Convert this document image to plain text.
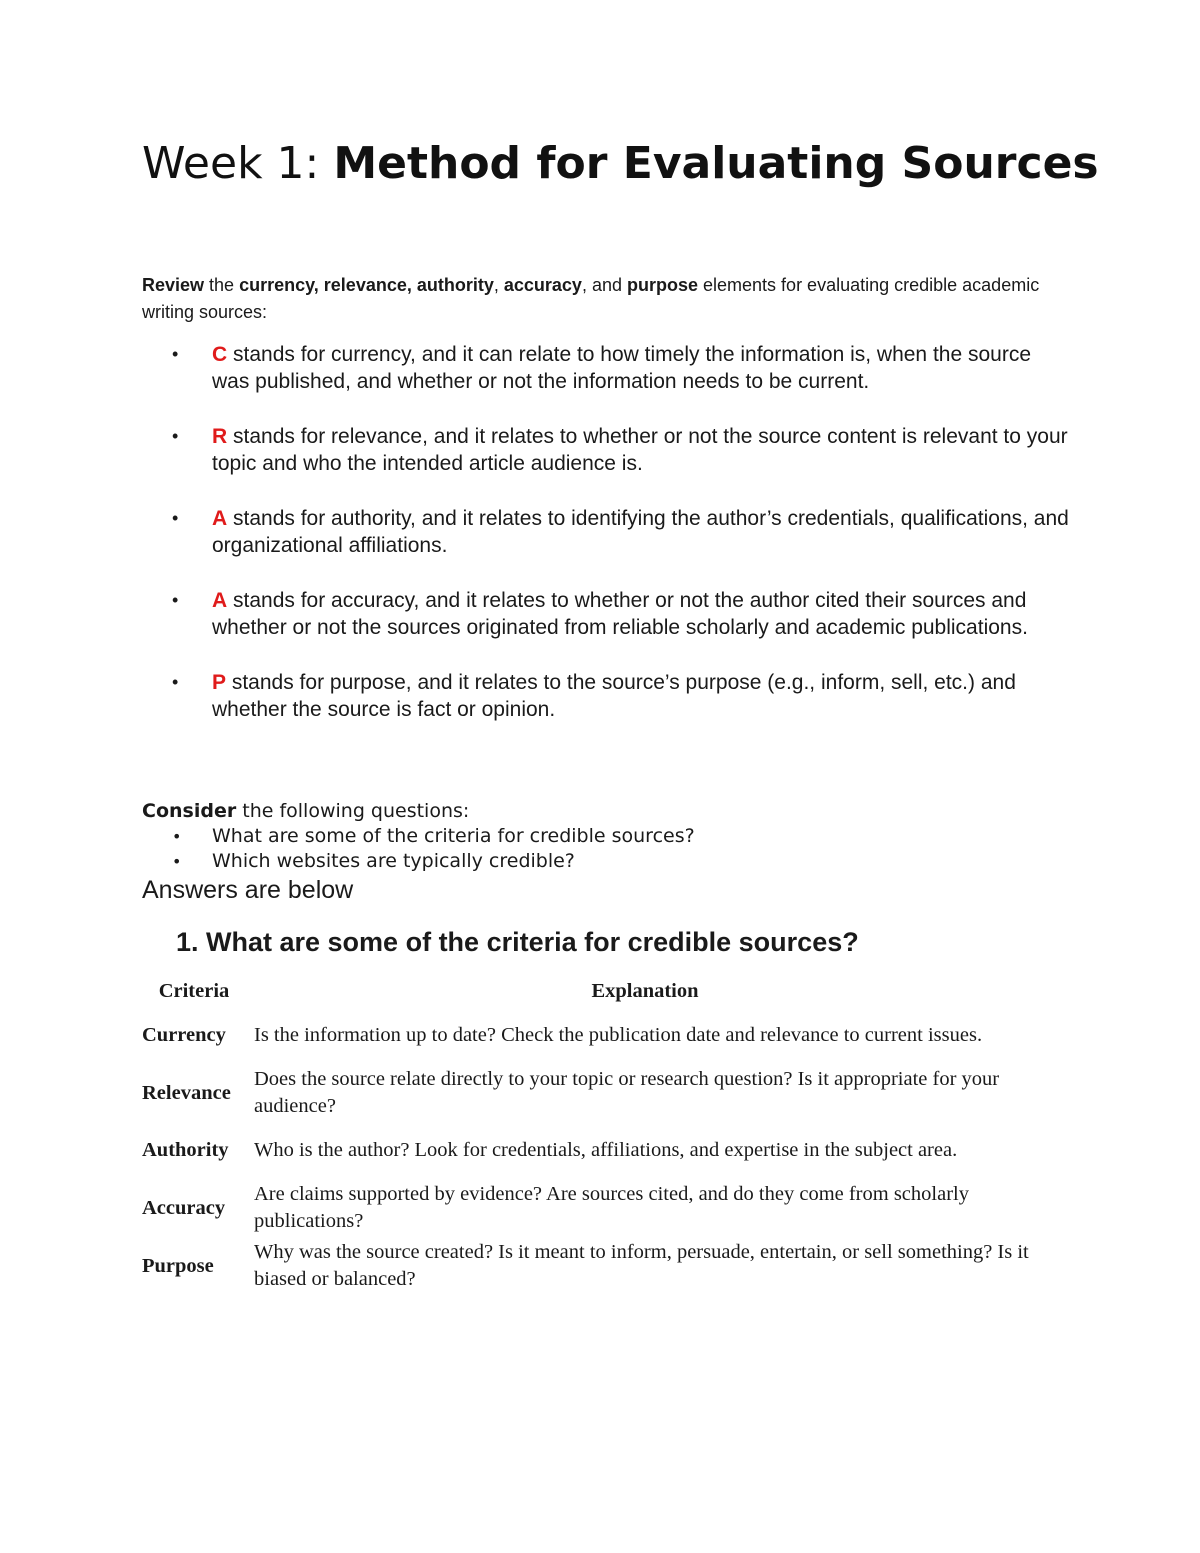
Week 1: Method for Evaluating Sources

Review the currency, relevance, authority, accuracy, and purpose elements for evaluating credible academic writing sources:

• C stands for currency, and it can relate to how timely the information is, when the source was published, and whether or not the information needs to be current.
• R stands for relevance, and it relates to whether or not the source content is relevant to your topic and who the intended article audience is.
• A stands for authority, and it relates to identifying the author’s credentials, qualifications, and organizational affiliations.
• A stands for accuracy, and it relates to whether or not the author cited their sources and whether or not the sources originated from reliable scholarly and academic publications.
• P stands for purpose, and it relates to the source’s purpose (e.g., inform, sell, etc.) and whether the source is fact or opinion.
Consider the following questions:
• What are some of the criteria for credible sources?
• Which websites are typically credible?
Answers are below
1. What are some of the criteria for credible sources?
Criteria	Explanation
Currency	Is the information up to date? Check the publication date and relevance to current issues.
Relevance	Does the source relate directly to your topic or research question? Is it appropriate for your audience?
Authority	Who is the author? Look for credentials, affiliations, and expertise in the subject area.
Accuracy	Are claims supported by evidence? Are sources cited, and do they come from scholarly publications?
Purpose	Why was the source created? Is it meant to inform, persuade, entertain, or sell something? Is it biased or balanced?
